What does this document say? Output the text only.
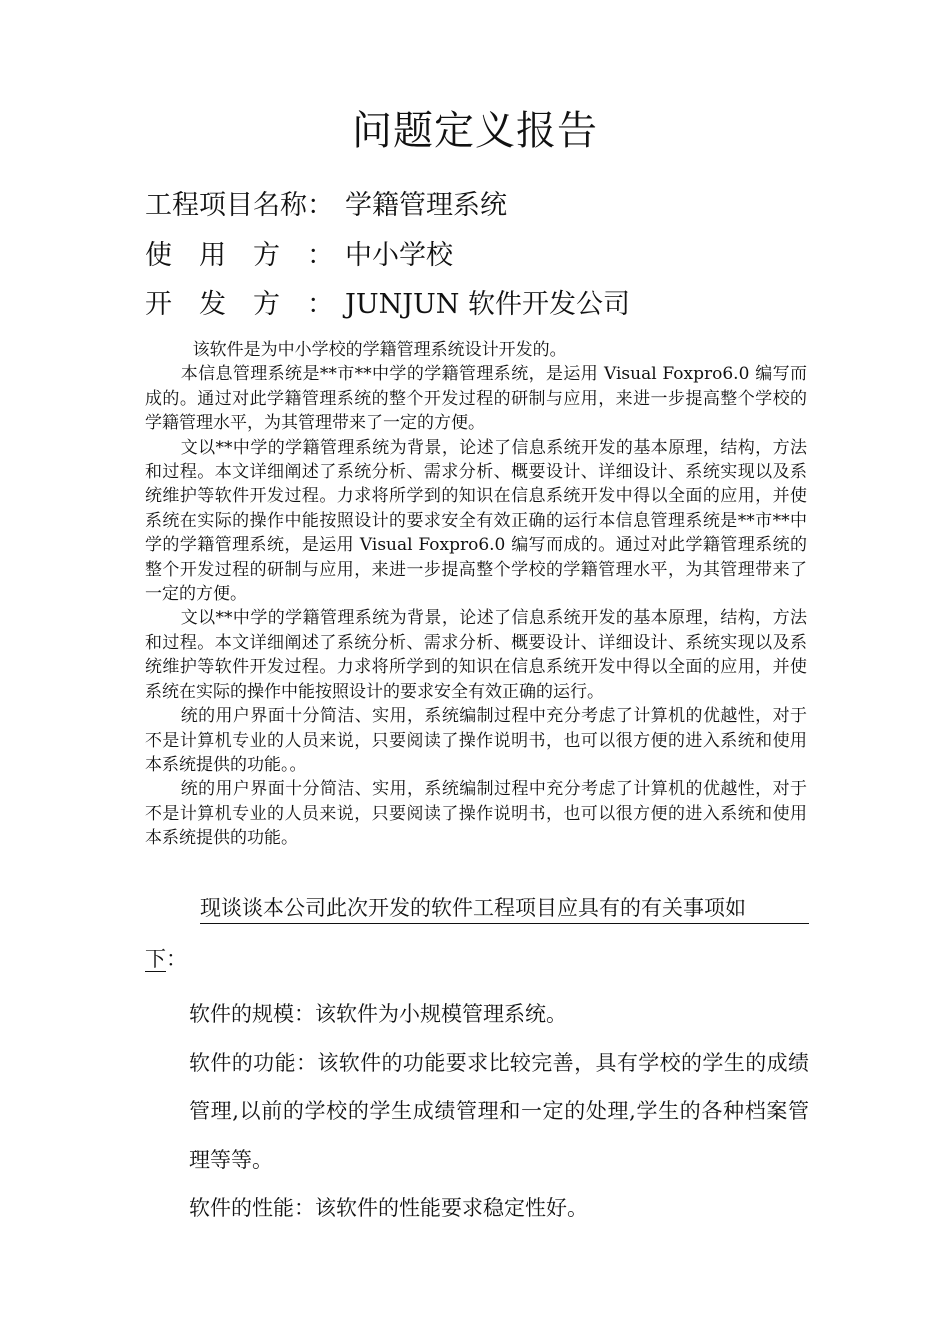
问题定义报告
工程项目名称： 学籍管理系统
使　用　方　： 中小学校
开　发　方　： JUNJUN 软件开发公司

该软件是为中小学校的学籍管理系统设计开发的。

本信息管理系统是**市**中学的学籍管理系统，是运用 Visual Foxpro6.0 编写而成的。通过对此学籍管理系统的整个开发过程的研制与应用，来进一步提高整个学校的学籍管理水平，为其管理带来了一定的方便。

文以**中学的学籍管理系统为背景，论述了信息系统开发的基本原理，结构，方法和过程。本文详细阐述了系统分析、需求分析、概要设计、详细设计、系统实现以及系统维护等软件开发过程。力求将所学到的知识在信息系统开发中得以全面的应用，并使系统在实际的操作中能按照设计的要求安全有效正确的运行本信息管理系统是**市**中学的学籍管理系统，是运用 Visual Foxpro6.0 编写而成的。通过对此学籍管理系统的整个开发过程的研制与应用，来进一步提高整个学校的学籍管理水平，为其管理带来了一定的方便。

文以**中学的学籍管理系统为背景，论述了信息系统开发的基本原理，结构，方法和过程。本文详细阐述了系统分析、需求分析、概要设计、详细设计、系统实现以及系统维护等软件开发过程。力求将所学到的知识在信息系统开发中得以全面的应用，并使系统在实际的操作中能按照设计的要求安全有效正确的运行。

统的用户界面十分简洁、实用，系统编制过程中充分考虑了计算机的优越性，对于不是计算机专业的人员来说，只要阅读了操作说明书，也可以很方便的进入系统和使用本系统提供的功能。。

统的用户界面十分简洁、实用，系统编制过程中充分考虑了计算机的优越性，对于不是计算机专业的人员来说，只要阅读了操作说明书，也可以很方便的进入系统和使用本系统提供的功能。

现谈谈本公司此次开发的软件工程项目应具有的有关事项如
下：

软件的规模：该软件为小规模管理系统。

软件的功能：该软件的功能要求比较完善，具有学校的学生的成绩管理,以前的学校的学生成绩管理和一定的处理,学生的各种档案管理等等。

软件的性能：该软件的性能要求稳定性好。
